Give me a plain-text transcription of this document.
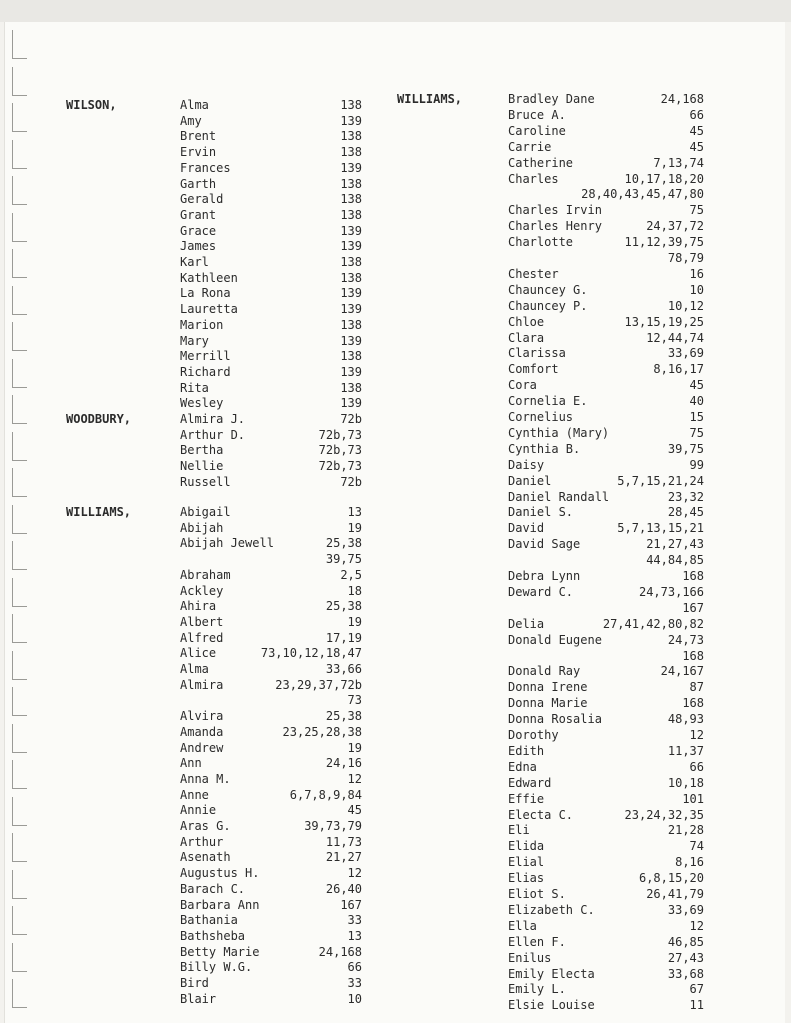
WILSON,	Alma	138
Amy	139
Brent	138
Ervin	138
Frances	139
Garth	138
Gerald	138
Grant	138
Grace	139
James	139
Karl	138
Kathleen	138
La Rona	139
Lauretta	139
Marion	138
Mary	139
Merrill	138
Richard	139
Rita	138
Wesley	139
WOODBURY,	Almira J.	72b
Arthur D.	72b,73
Bertha	72b,73
Nellie	72b,73
Russell	72b
WILLIAMS,	Abigail	13
Abijah	19
Abijah Jewell	25,38
39,75
Abraham	2,5
Ackley	18
Ahira	25,38
Albert	19
Alfred	17,19
Alice	73,10,12,18,47
Alma	33,66
Almira	23,29,37,72b
73
Alvira	25,38
Amanda	23,25,28,38
Andrew	19
Ann	24,16
Anna M.	12
Anne	6,7,8,9,84
Annie	45
Aras G.	39,73,79
Arthur	11,73
Asenath	21,27
Augustus H.	12
Barach C.	26,40
Barbara Ann	167
Bathania	33
Bathsheba	13
Betty Marie	24,168
Billy W.G.	66
Bird	33
Blair	10
WILLIAMS,	Bradley Dane	24,168
Bruce A.	66
Caroline	45
Carrie	45
Catherine	7,13,74
Charles	10,17,18,20
28,40,43,45,47,80
Charles Irvin	75
Charles Henry	24,37,72
Charlotte	11,12,39,75
78,79
Chester	16
Chauncey G.	10
Chauncey P.	10,12
Chloe	13,15,19,25
Clara	12,44,74
Clarissa	33,69
Comfort	8,16,17
Cora	45
Cornelia E.	40
Cornelius	15
Cynthia (Mary)	75
Cynthia B.	39,75
Daisy	99
Daniel	5,7,15,21,24
Daniel Randall	23,32
Daniel S.	28,45
David	5,7,13,15,21
David Sage	21,27,43
44,84,85
Debra Lynn	168
Deward C.	24,73,166
167
Delia	27,41,42,80,82
Donald Eugene	24,73
168
Donald Ray	24,167
Donna Irene	87
Donna Marie	168
Donna Rosalia	48,93
Dorothy	12
Edith	11,37
Edna	66
Edward	10,18
Effie	101
Electa C.	23,24,32,35
Eli	21,28
Elida	74
Elial	8,16
Elias	6,8,15,20
Eliot S.	26,41,79
Elizabeth C.	33,69
Ella	12
Ellen F.	46,85
Enilus	27,43
Emily Electa	33,68
Emily L.	67
Elsie Louise	11
